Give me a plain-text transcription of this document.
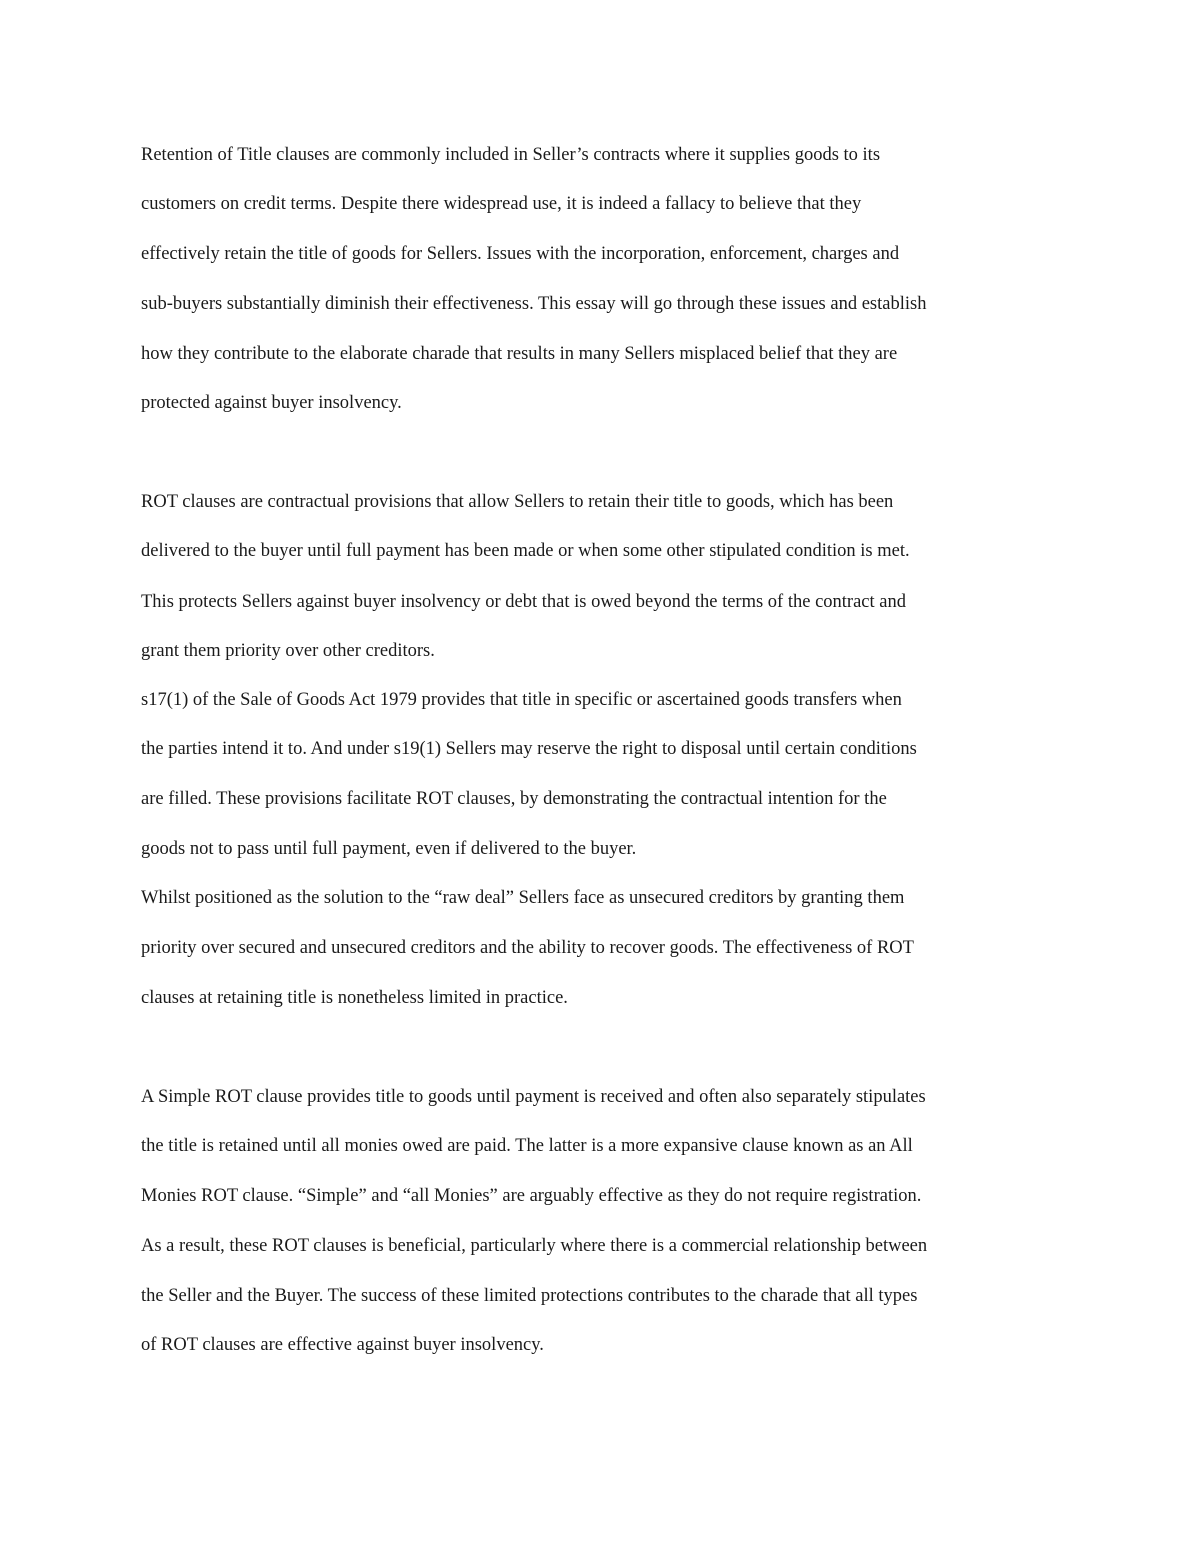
Retention of Title clauses are commonly included in Seller’s contracts where it supplies goods to its
customers on credit terms. Despite there widespread use, it is indeed a fallacy to believe that they
effectively retain the title of goods for Sellers. Issues with the incorporation, enforcement, charges and
sub-buyers substantially diminish their effectiveness. This essay will go through these issues and establish
how they contribute to the elaborate charade that results in many Sellers misplaced belief that they are
protected against buyer insolvency.
ROT clauses are contractual provisions that allow Sellers to retain their title to goods, which has been
delivered to the buyer until full payment has been made or when some other stipulated condition is met.
This protects Sellers against buyer insolvency or debt that is owed beyond the terms of the contract and
grant them priority over other creditors.
s17(1) of the Sale of Goods Act 1979 provides that title in specific or ascertained goods transfers when
the parties intend it to. And under s19(1) Sellers may reserve the right to disposal until certain conditions
are filled. These provisions facilitate ROT clauses, by demonstrating the contractual intention for the
goods not to pass until full payment, even if delivered to the buyer.
Whilst positioned as the solution to the “raw deal” Sellers face as unsecured creditors by granting them
priority over secured and unsecured creditors and the ability to recover goods. The effectiveness of ROT
clauses at retaining title is nonetheless limited in practice.
A Simple ROT clause provides title to goods until payment is received and often also separately stipulates
the title is retained until all monies owed are paid. The latter is a more expansive clause known as an All
Monies ROT clause. “Simple” and “all Monies” are arguably effective as they do not require registration.
As a result, these ROT clauses is beneficial, particularly where there is a commercial relationship between
the Seller and the Buyer. The success of these limited protections contributes to the charade that all types
of ROT clauses are effective against buyer insolvency.
